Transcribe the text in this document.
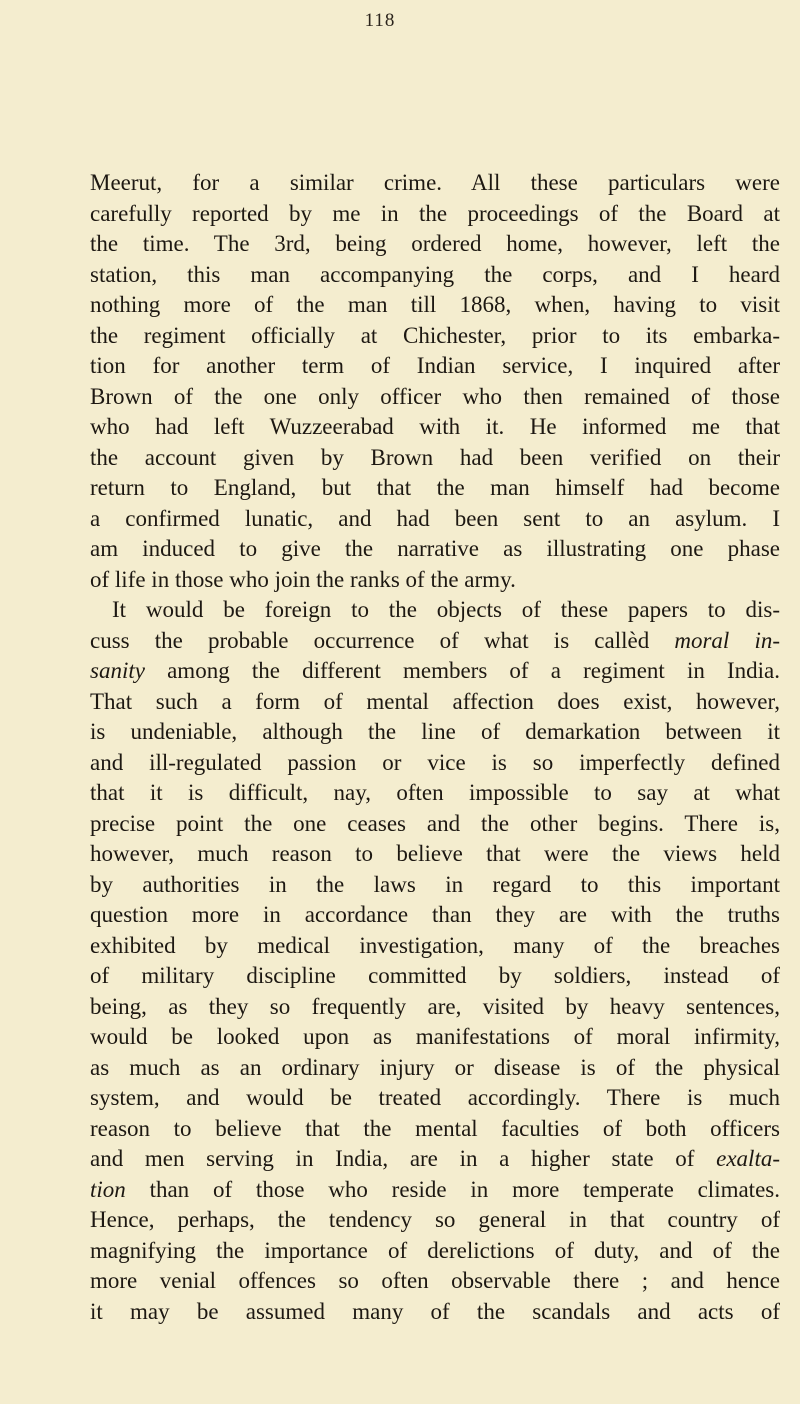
118
Meerut, for a similar crime. All these particulars were
carefully reported by me in the proceedings of the Board at
the time. The 3rd, being ordered home, however, left the
station, this man accompanying the corps, and I heard
nothing more of the man till 1868, when, having to visit
the regiment officially at Chichester, prior to its embarka-
tion for another term of Indian service, I inquired after
Brown of the one only officer who then remained of those
who had left Wuzzeerabad with it. He informed me that
the account given by Brown had been verified on their
return to England, but that the man himself had become
a confirmed lunatic, and had been sent to an asylum. I
am induced to give the narrative as illustrating one phase
of life in those who join the ranks of the army.
It would be foreign to the objects of these papers to dis-
cuss the probable occurrence of what is callèd moral in-
sanity among the different members of a regiment in India.
That such a form of mental affection does exist, however,
is undeniable, although the line of demarkation between it
and ill-regulated passion or vice is so imperfectly defined
that it is difficult, nay, often impossible to say at what
precise point the one ceases and the other begins. There is,
however, much reason to believe that were the views held
by authorities in the laws in regard to this important
question more in accordance than they are with the truths
exhibited by medical investigation, many of the breaches
of military discipline committed by soldiers, instead of
being, as they so frequently are, visited by heavy sentences,
would be looked upon as manifestations of moral infirmity,
as much as an ordinary injury or disease is of the physical
system, and would be treated accordingly. There is much
reason to believe that the mental faculties of both officers
and men serving in India, are in a higher state of exalta-
tion than of those who reside in more temperate climates.
Hence, perhaps, the tendency so general in that country of
magnifying the importance of derelictions of duty, and of the
more venial offences so often observable there ; and hence
it may be assumed many of the scandals and acts of
